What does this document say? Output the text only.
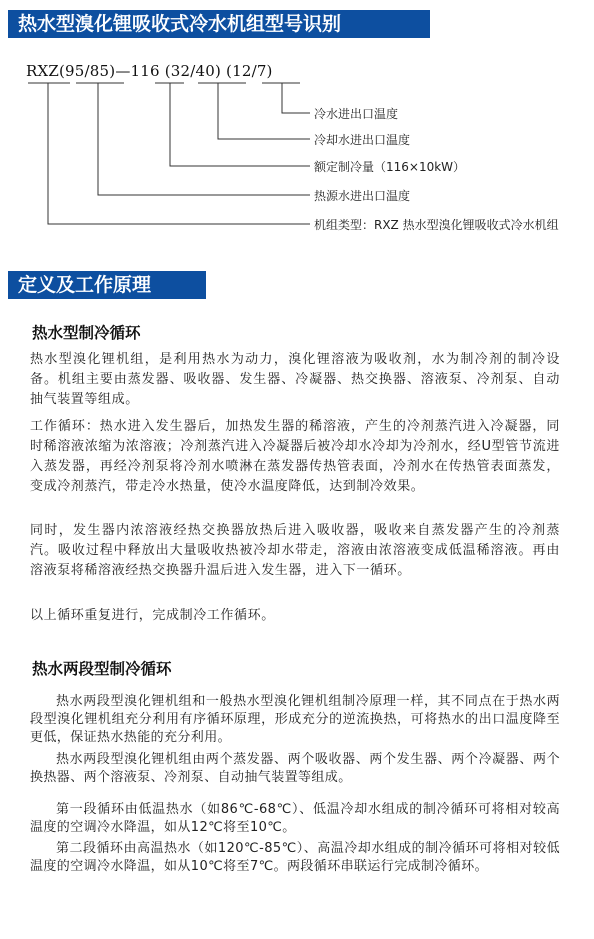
热水型溴化锂吸收式冷水机组型号识别
RXZ(95/85)—116 (32/40) (12/7)
冷水进出口温度
冷却水进出口温度
额定制冷量（116×10kW）
热源水进出口温度
机组类型：RXZ 热水型溴化锂吸收式冷水机组
定义及工作原理
热水型制冷循环
热水型溴化锂机组，是利用热水为动力，溴化锂溶液为吸收剂，水为制冷剂的制冷设备。机组主要由蒸发器、吸收器、发生器、冷凝器、热交换器、溶液泵、冷剂泵、自动抽气装置等组成。
工作循环：热水进入发生器后，加热发生器的稀溶液，产生的冷剂蒸汽进入冷凝器，同时稀溶液浓缩为浓溶液；冷剂蒸汽进入冷凝器后被冷却水冷却为冷剂水，经U型管节流进入蒸发器，再经冷剂泵将冷剂水喷淋在蒸发器传热管表面，冷剂水在传热管表面蒸发，变成冷剂蒸汽，带走冷水热量，使冷水温度降低，达到制冷效果。
同时，发生器内浓溶液经热交换器放热后进入吸收器，吸收来自蒸发器产生的冷剂蒸汽。吸收过程中释放出大量吸收热被冷却水带走，溶液由浓溶液变成低温稀溶液。再由溶液泵将稀溶液经热交换器升温后进入发生器，进入下一循环。
以上循环重复进行，完成制冷工作循环。
热水两段型制冷循环
热水两段型溴化锂机组和一般热水型溴化锂机组制冷原理一样，其不同点在于热水两段型溴化锂机组充分利用有序循环原理，形成充分的逆流换热，可将热水的出口温度降至更低，保证热水热能的充分利用。
热水两段型溴化锂机组由两个蒸发器、两个吸收器、两个发生器、两个冷凝器、两个换热器、两个溶液泵、冷剂泵、自动抽气装置等组成。
第一段循环由低温热水（如86℃-68℃）、低温冷却水组成的制冷循环可将相对较高温度的空调冷水降温，如从12℃将至10℃。
第二段循环由高温热水（如120℃-85℃）、高温冷却水组成的制冷循环可将相对较低温度的空调冷水降温，如从10℃将至7℃。两段循环串联运行完成制冷循环。
